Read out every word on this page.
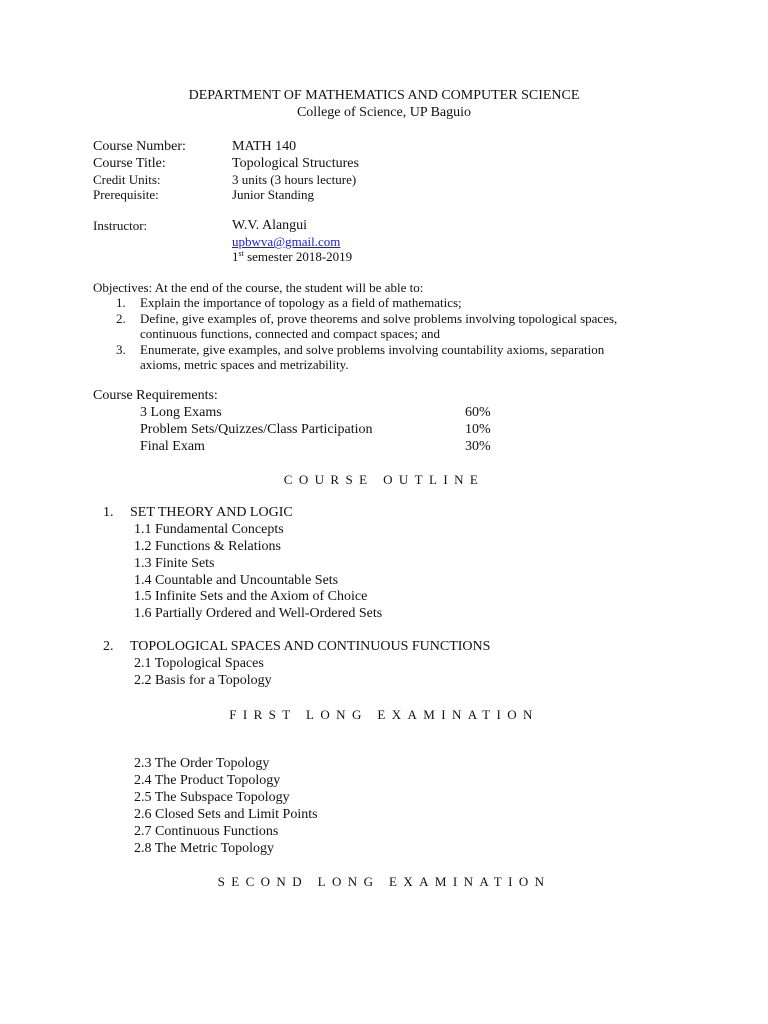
DEPARTMENT OF MATHEMATICS AND COMPUTER SCIENCE
College of Science, UP Baguio
Course Number:	MATH 140
Course Title:	Topological Structures
Credit Units:	3 units (3 hours lecture)
Prerequisite:	Junior Standing
Instructor:	W.V. Alangui
upbwva@gmail.com
1st semester 2018-2019
Objectives: At the end of the course, the student will be able to:
1. Explain the importance of topology as a field of mathematics;
2. Define, give examples of, prove theorems and solve problems involving topological spaces,
continuous functions, connected and compact spaces; and
3. Enumerate, give examples, and solve problems involving countability axioms, separation
axioms, metric spaces and metrizability.
Course Requirements:
3 Long Exams	60%
Problem Sets/Quizzes/Class Participation	10%
Final Exam	30%
COURSE OUTLINE
1. SET THEORY AND LOGIC
1.1 Fundamental Concepts
1.2 Functions & Relations
1.3 Finite Sets
1.4 Countable and Uncountable Sets
1.5 Infinite Sets and the Axiom of Choice
1.6 Partially Ordered and Well-Ordered Sets
2. TOPOLOGICAL SPACES AND CONTINUOUS FUNCTIONS
2.1 Topological Spaces
2.2 Basis for a Topology
FIRST LONG EXAMINATION
2.3 The Order Topology
2.4 The Product Topology
2.5 The Subspace Topology
2.6 Closed Sets and Limit Points
2.7 Continuous Functions
2.8 The Metric Topology
SECOND LONG EXAMINATION
